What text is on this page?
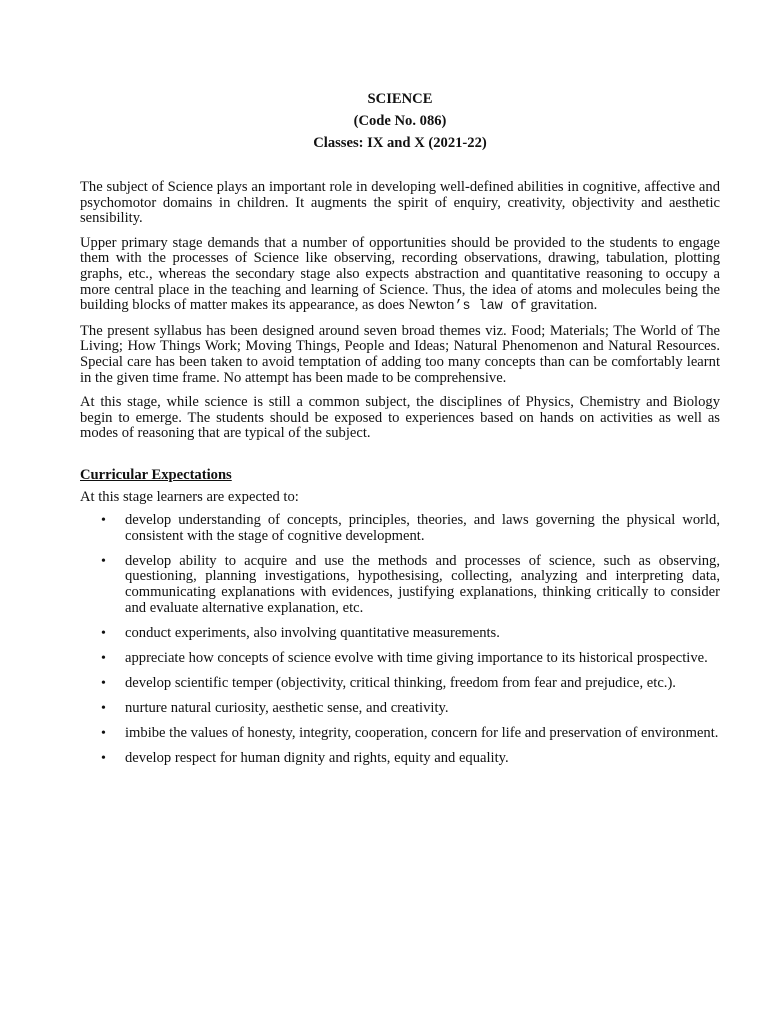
SCIENCE
(Code No. 086)
Classes: IX and X (2021-22)

The subject of Science plays an important role in developing well-defined abilities in cognitive, affective and psychomotor domains in children. It augments the spirit of enquiry, creativity, objectivity and aesthetic sensibility.

Upper primary stage demands that a number of opportunities should be provided to the students to engage them with the processes of Science like observing, recording observations, drawing, tabulation, plotting graphs, etc., whereas the secondary stage also expects abstraction and quantitative reasoning to occupy a more central place in the teaching and learning of Science. Thus, the idea of atoms and molecules being the building blocks of matter makes its appearance, as does Newton’s law of gravitation.

The present syllabus has been designed around seven broad themes viz. Food; Materials; The World of The Living; How Things Work; Moving Things, People and Ideas; Natural Phenomenon and Natural Resources. Special care has been taken to avoid temptation of adding too many concepts than can be comfortably learnt in the given time frame. No attempt has been made to be comprehensive.

At this stage, while science is still a common subject, the disciplines of Physics, Chemistry and Biology begin to emerge. The students should be exposed to experiences based on hands on activities as well as modes of reasoning that are typical of the subject.

Curricular Expectations

At this stage learners are expected to:

• develop understanding of concepts, principles, theories, and laws governing the physical world, consistent with the stage of cognitive development.
• develop ability to acquire and use the methods and processes of science, such as observing, questioning, planning investigations, hypothesising, collecting, analyzing and interpreting data, communicating explanations with evidences, justifying explanations, thinking critically to consider and evaluate alternative explanation, etc.
• conduct experiments, also involving quantitative measurements.
• appreciate how concepts of science evolve with time giving importance to its historical prospective.
• develop scientific temper (objectivity, critical thinking, freedom from fear and prejudice, etc.).
• nurture natural curiosity, aesthetic sense, and creativity.
• imbibe the values of honesty, integrity, cooperation, concern for life and preservation of environment.
• develop respect for human dignity and rights, equity and equality.
